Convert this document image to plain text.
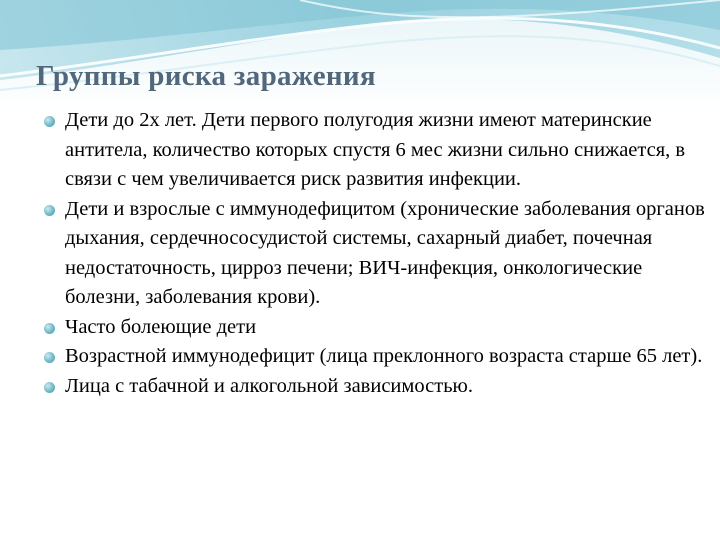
Группы риска заражения
Дети до 2х лет. Дети первого полугодия жизни имеют материнские антитела, количество которых спустя 6 мес жизни сильно снижается, в связи с чем увеличивается риск развития инфекции.
Дети и взрослые с иммунодефицитом (хронические заболевания органов дыхания, сердечнососудистой системы, сахарный диабет, почечная недостаточность, цирроз печени; ВИЧ-инфекция, онкологические болезни, заболевания крови).
Часто болеющие дети
Возрастной иммунодефицит (лица преклонного возраста старше 65 лет).
Лица с табачной и алкогольной зависимостью.
